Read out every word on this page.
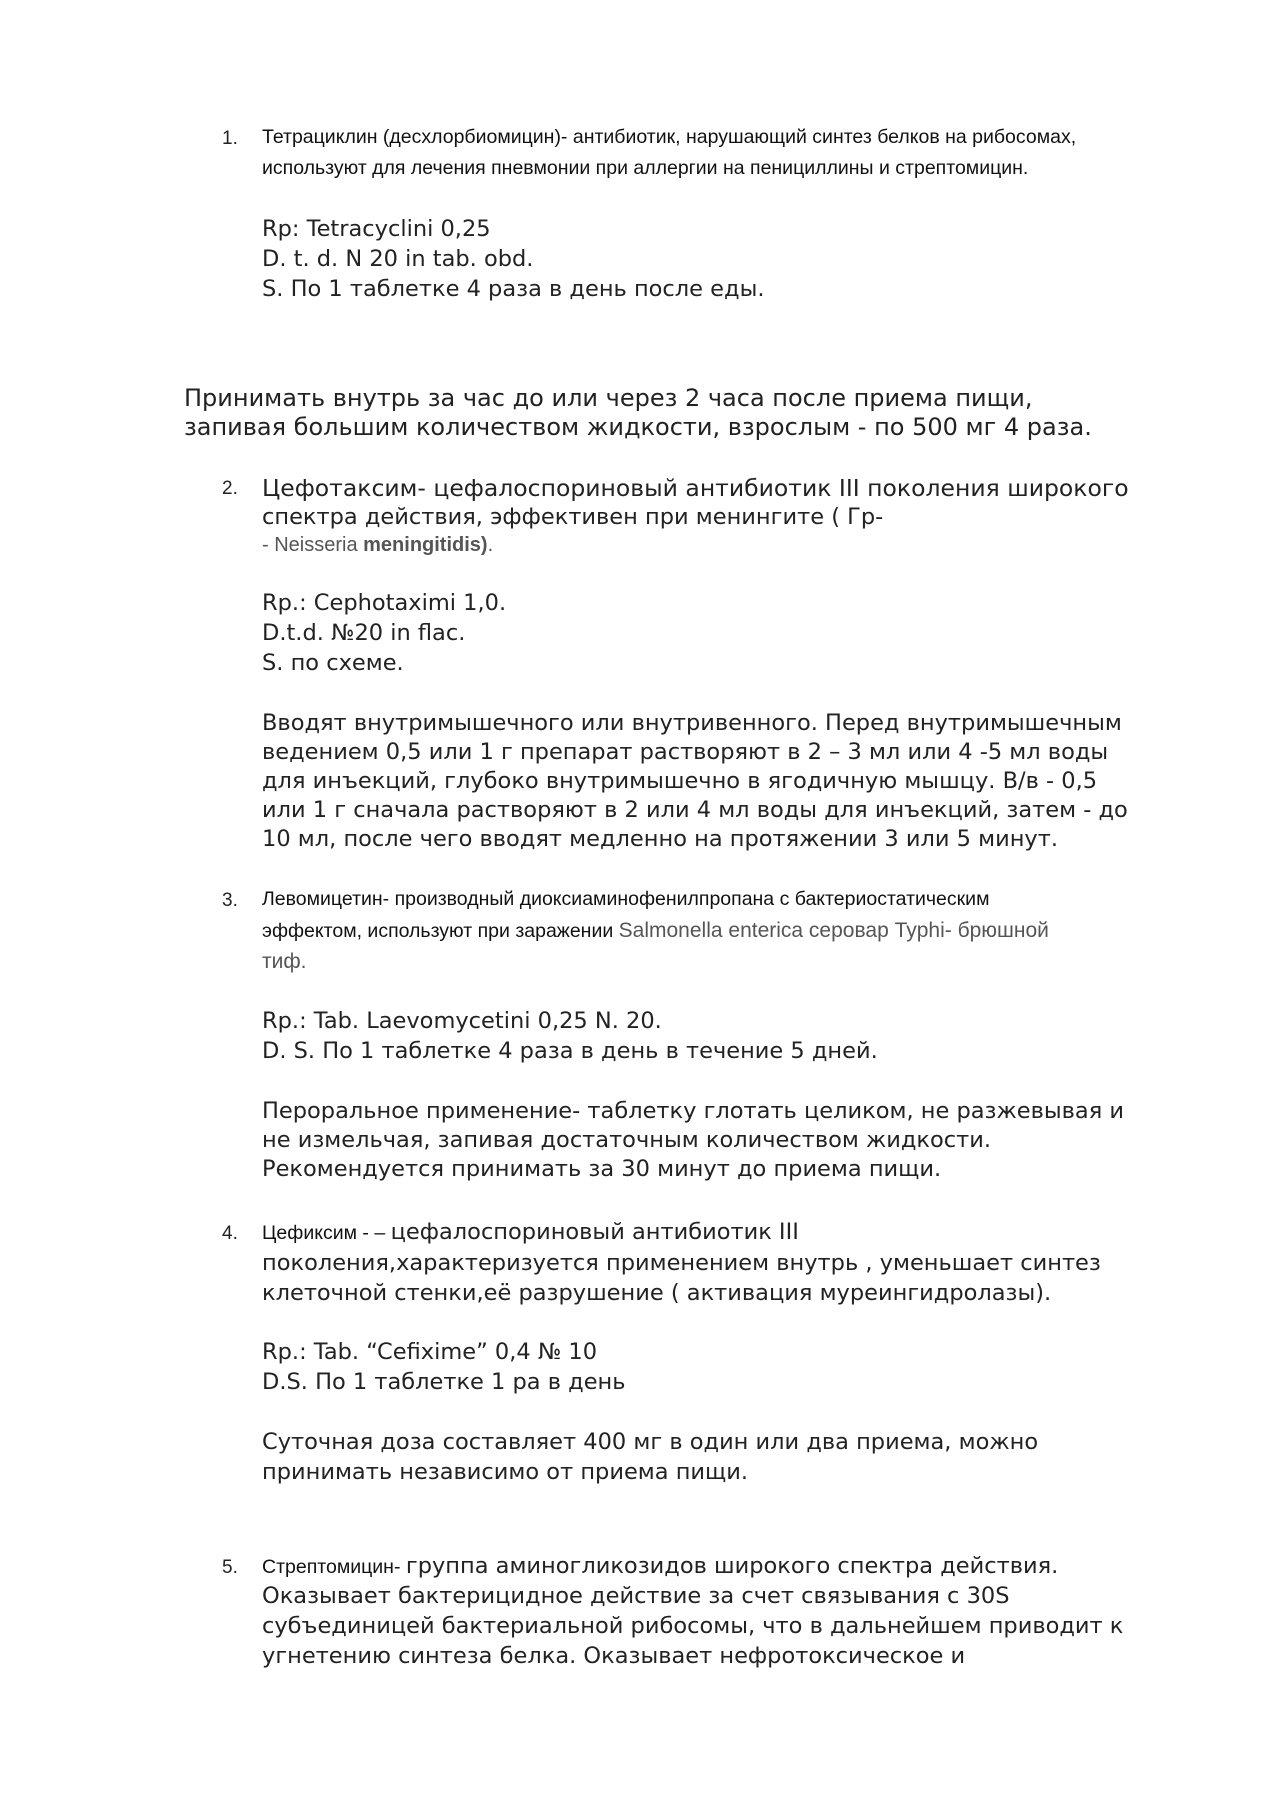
1. Тетрациклин (десхлорбиомицин)- антибиотик, нарушающий синтез белков на рибосомах,
используют для лечения пневмонии при аллергии на пенициллины и стрептомицин.
Rp: Tetracyclini 0,25
D. t. d. N 20 in tab. obd.
S. По 1 таблетке 4 раза в день после еды.
Принимать внутрь за час до или через 2 часа после приема пищи,
запивая большим количеством жидкости, взрослым - по 500 мг 4 раза.
2. Цефотаксим- цефалоспориновый антибиотик III поколения широкого
спектра действия, эффективен при менингите ( Гр-
- Neisseria meningitidis).
Rp.: Cephotaximi 1,0.
D.t.d. №20 in flac.
S. по схеме.
Вводят внутримышечного или внутривенного. Перед внутримышечным
ведением 0,5 или 1 г препарат растворяют в 2 – 3 мл или 4 -5 мл воды
для инъекций, глубоко внутримышечно в ягодичную мышцу. В/в - 0,5
или 1 г сначала растворяют в 2 или 4 мл воды для инъекций, затем - до
10 мл, после чего вводят медленно на протяжении 3 или 5 минут.
3. Левомицетин- производный диоксиаминофенилпропана с бактериостатическим
эффектом, используют при заражении Salmonella enterica серовар Typhi- брюшной
тиф.
Rp.: Tab. Laevomycetini 0,25 N. 20.
D. S. По 1 таблетке 4 раза в день в течение 5 дней.
Пероральное применение- таблетку глотать целиком, не разжевывая и
не измельчая, запивая достаточным количеством жидкости.
Рекомендуется принимать за 30 минут до приема пищи.
4. Цефиксим - – цефалоспориновый антибиотик III
поколения,характеризуется применением внутрь , уменьшает синтез
клеточной стенки,её разрушение ( активация муреингидролазы).
Rp.: Tab. “Cefixime” 0,4 № 10
D.S. По 1 таблетке 1 ра в день
Суточная доза составляет 400 мг в один или два приема, можно
принимать независимо от приема пищи.
5. Стрептомицин- группа аминогликозидов широкого спектра действия.
Оказывает бактерицидное действие за счет связывания с 30S
субъединицей бактериальной рибосомы, что в дальнейшем приводит к
угнетению синтеза белка. Оказывает нефротоксическое и
